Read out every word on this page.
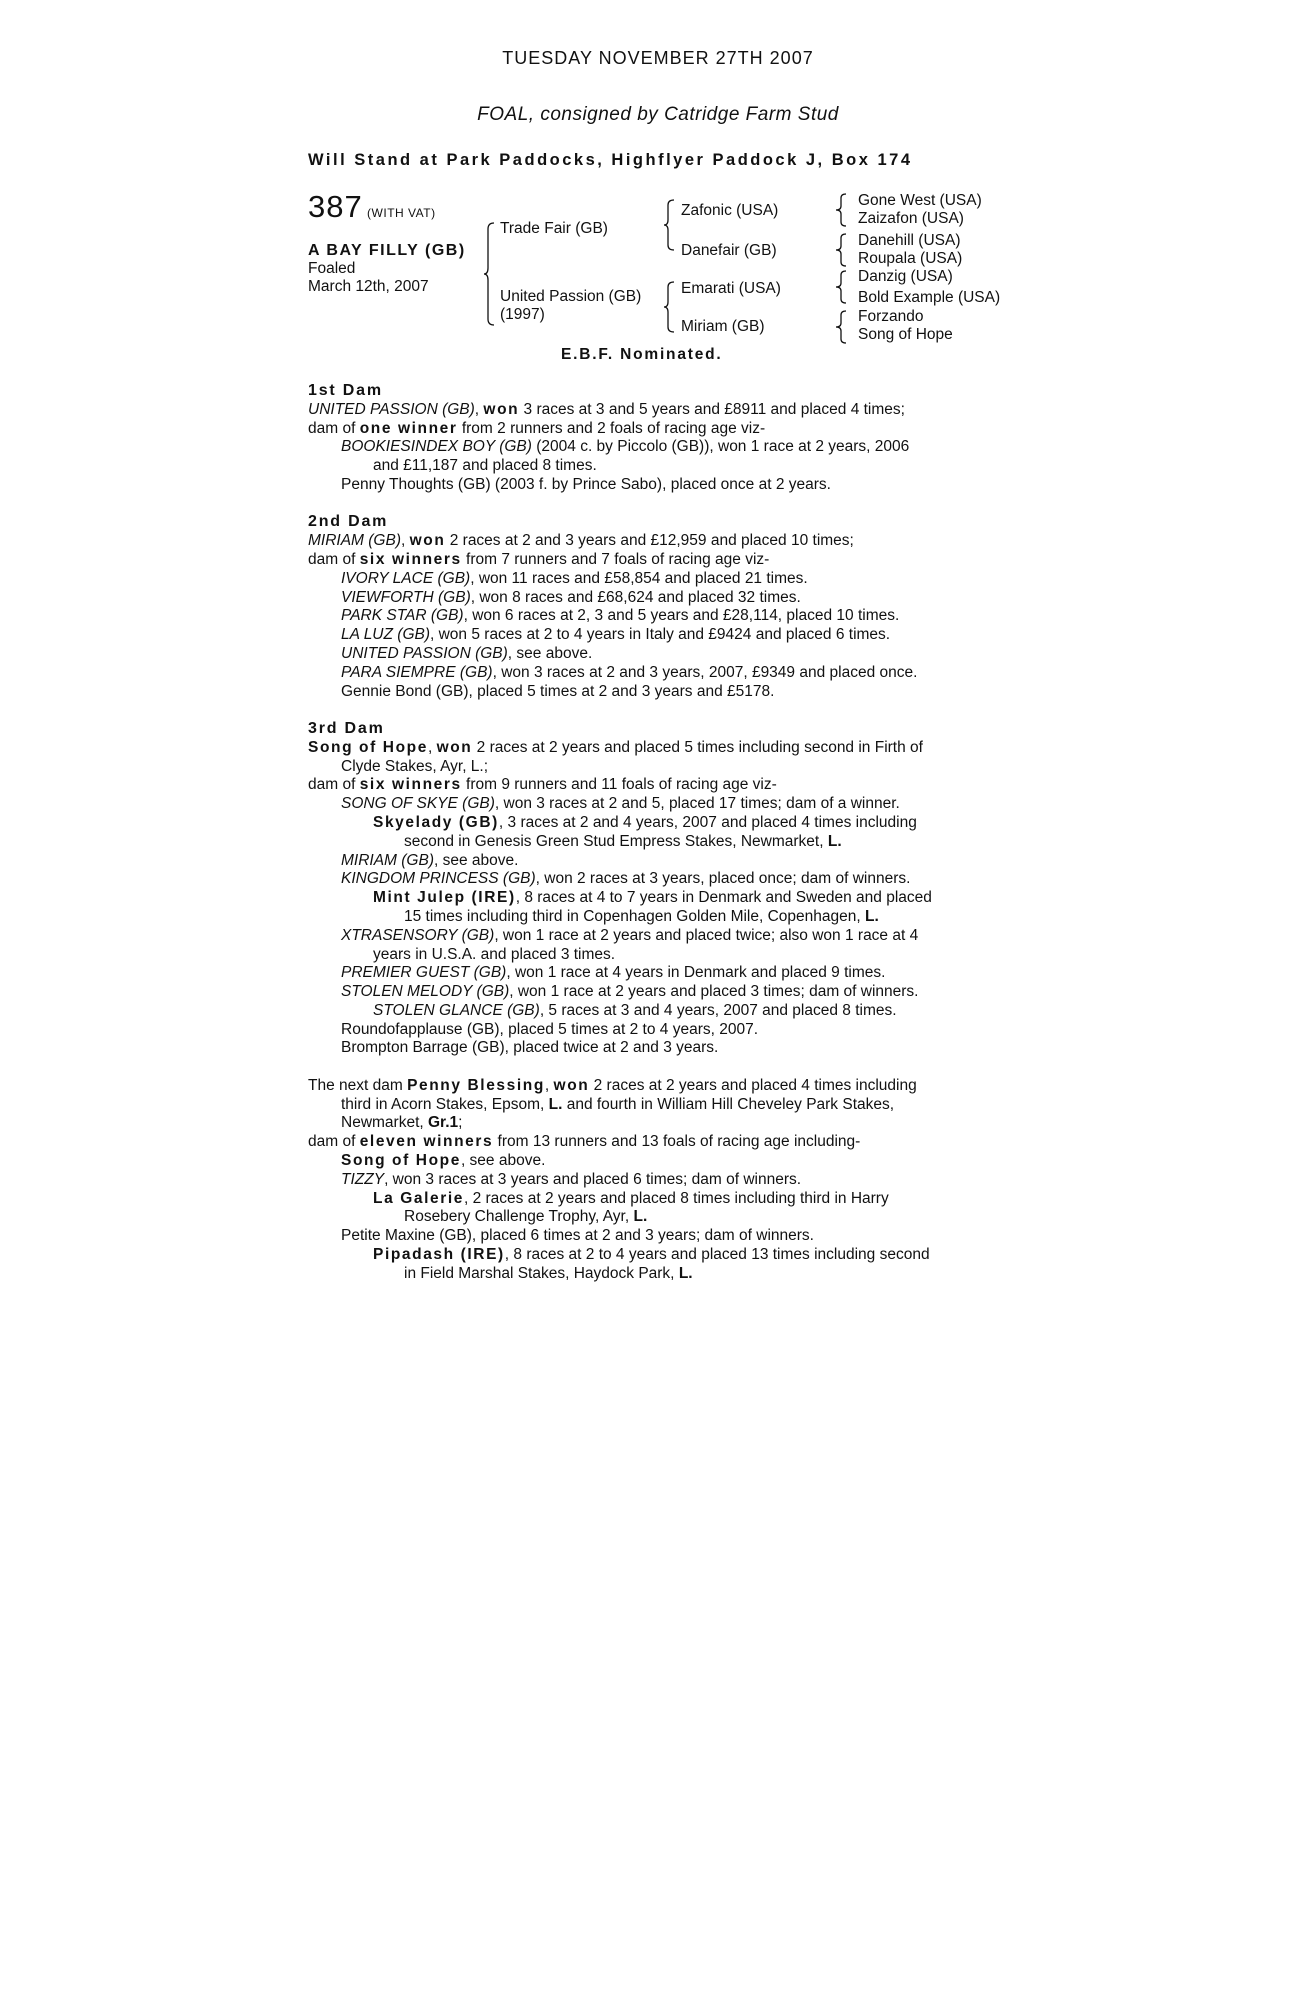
TUESDAY NOVEMBER 27TH 2007
FOAL, consigned by Catridge Farm Stud
Will Stand at Park Paddocks, Highflyer Paddock J, Box 174
387 (WITH VAT)
A BAY FILLY (GB)
Foaled
March 12th, 2007
Trade Fair (GB)
United Passion (GB)
(1997)
Zafonic (USA)
Danefair (GB)
Emarati (USA)
Miriam (GB)
Gone West (USA)
Zaizafon (USA)
Danehill (USA)
Roupala (USA)
Danzig (USA)
Bold Example (USA)
Forzando
Song of Hope
E.B.F. Nominated.
1st Dam
UNITED PASSION (GB), won 3 races at 3 and 5 years and £8911 and placed 4 times;
dam of one winner from 2 runners and 2 foals of racing age viz-
BOOKIESINDEX BOY (GB) (2004 c. by Piccolo (GB)), won 1 race at 2 years, 2006
and £11,187 and placed 8 times.
Penny Thoughts (GB) (2003 f. by Prince Sabo), placed once at 2 years.
2nd Dam
MIRIAM (GB), won 2 races at 2 and 3 years and £12,959 and placed 10 times;
dam of six winners from 7 runners and 7 foals of racing age viz-
IVORY LACE (GB), won 11 races and £58,854 and placed 21 times.
VIEWFORTH (GB), won 8 races and £68,624 and placed 32 times.
PARK STAR (GB), won 6 races at 2, 3 and 5 years and £28,114, placed 10 times.
LA LUZ (GB), won 5 races at 2 to 4 years in Italy and £9424 and placed 6 times.
UNITED PASSION (GB), see above.
PARA SIEMPRE (GB), won 3 races at 2 and 3 years, 2007, £9349 and placed once.
Gennie Bond (GB), placed 5 times at 2 and 3 years and £5178.
3rd Dam
Song of Hope, won 2 races at 2 years and placed 5 times including second in Firth of
Clyde Stakes, Ayr, L.;
dam of six winners from 9 runners and 11 foals of racing age viz-
SONG OF SKYE (GB), won 3 races at 2 and 5, placed 17 times; dam of a winner.
Skyelady (GB), 3 races at 2 and 4 years, 2007 and placed 4 times including
second in Genesis Green Stud Empress Stakes, Newmarket, L.
MIRIAM (GB), see above.
KINGDOM PRINCESS (GB), won 2 races at 3 years, placed once; dam of winners.
Mint Julep (IRE), 8 races at 4 to 7 years in Denmark and Sweden and placed
15 times including third in Copenhagen Golden Mile, Copenhagen, L.
XTRASENSORY (GB), won 1 race at 2 years and placed twice; also won 1 race at 4
years in U.S.A. and placed 3 times.
PREMIER GUEST (GB), won 1 race at 4 years in Denmark and placed 9 times.
STOLEN MELODY (GB), won 1 race at 2 years and placed 3 times; dam of winners.
STOLEN GLANCE (GB), 5 races at 3 and 4 years, 2007 and placed 8 times.
Roundofapplause (GB), placed 5 times at 2 to 4 years, 2007.
Brompton Barrage (GB), placed twice at 2 and 3 years.
The next dam Penny Blessing, won 2 races at 2 years and placed 4 times including
third in Acorn Stakes, Epsom, L. and fourth in William Hill Cheveley Park Stakes,
Newmarket, Gr.1;
dam of eleven winners from 13 runners and 13 foals of racing age including-
Song of Hope, see above.
TIZZY, won 3 races at 3 years and placed 6 times; dam of winners.
La Galerie, 2 races at 2 years and placed 8 times including third in Harry
Rosebery Challenge Trophy, Ayr, L.
Petite Maxine (GB), placed 6 times at 2 and 3 years; dam of winners.
Pipadash (IRE), 8 races at 2 to 4 years and placed 13 times including second
in Field Marshal Stakes, Haydock Park, L.
